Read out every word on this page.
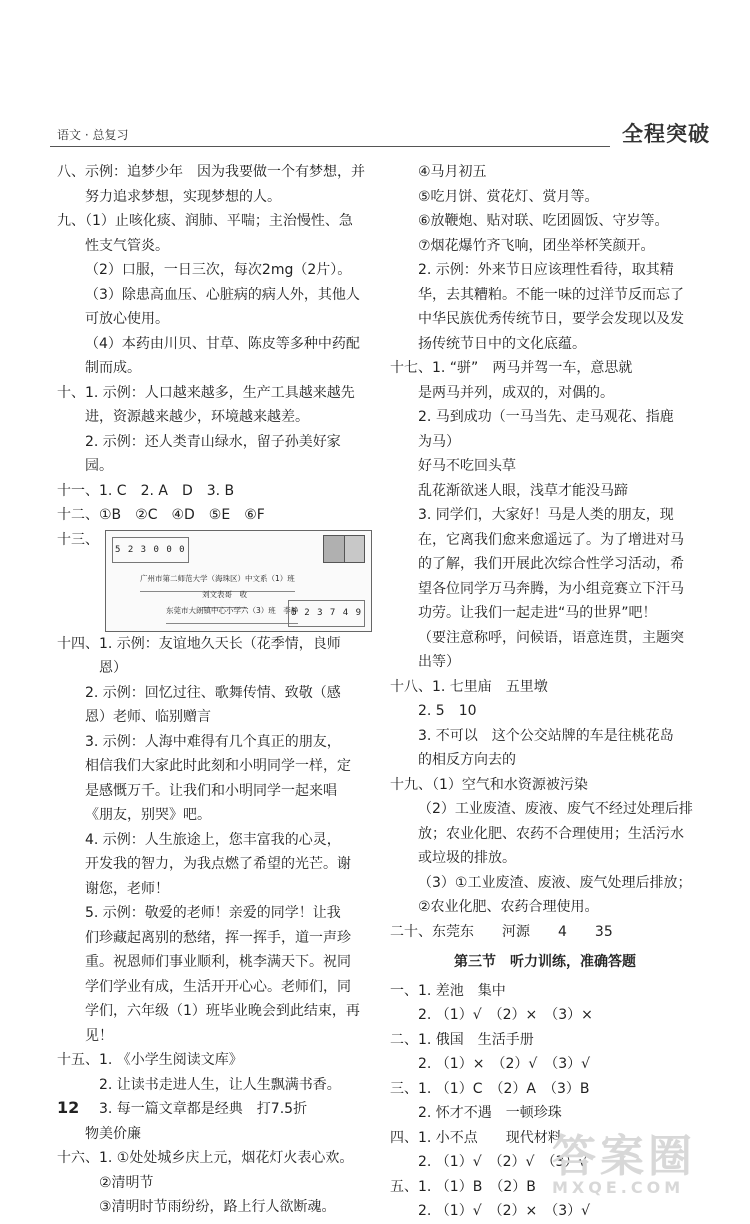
语文 · 总复习	全程突破
八、示例：追梦少年　因为我要做一个有梦想，并
努力追求梦想，实现梦想的人。
九、（1）止咳化痰、润肺、平喘；主治慢性、急
性支气管炎。
（2）口服，一日三次，每次2mg（2片）。
（3）除患高血压、心脏病的病人外，其他人
可放心使用。
（4）本药由川贝、甘草、陈皮等多种中药配
制而成。
十、1. 示例：人口越来越多，生产工具越来越先
进，资源越来越少，环境越来越差。
2. 示例：还人类青山绿水，留子孙美好家
园。
十一、1. C　2. A　D　3. B
十二、①B　②C　④D　⑤E　⑥F
十三、
5 2 3 0 0 0
广州市第二师范大学（海珠区）中文系（1）班
刘文表哥　收
东莞市大朗镇中心小学六（3）班　李静
5 2 3 7 4 9
十四、1. 示例：友谊地久天长（花季情，良师
恩）
2. 示例：回忆过往、歌舞传情、致敬（感
恩）老师、临别赠言
3. 示例：人海中难得有几个真正的朋友，
相信我们大家此时此刻和小明同学一样，定
是感慨万千。让我们和小明同学一起来唱
《朋友，别哭》吧。
4. 示例：人生旅途上，您丰富我的心灵，
开发我的智力，为我点燃了希望的光芒。谢
谢您，老师！
5. 示例：敬爱的老师！亲爱的同学！让我
们珍藏起离别的愁绪，挥一挥手，道一声珍
重。祝恩师们事业顺利，桃李满天下。祝同
学们学业有成，生活开开心心。老师们，同
学们，六年级（1）班毕业晚会到此结束，再
见！
十五、1. 《小学生阅读文库》
2. 让读书走进人生，让人生飘满书香。
3. 每一篇文章都是经典　打7.5折
物美价廉
十六、1. ①处处城乡庆上元，烟花灯火表心欢。
②清明节
③清明时节雨纷纷，路上行人欲断魂。
④马月初五
⑤吃月饼、赏花灯、赏月等。
⑥放鞭炮、贴对联、吃团圆饭、守岁等。
⑦烟花爆竹齐飞响，团坐举杯笑颜开。
2. 示例：外来节日应该理性看待，取其精
华，去其糟粕。不能一味的过洋节反而忘了
中华民族优秀传统节日，要学会发现以及发
扬传统节日中的文化底蕴。
十七、1. “骈”　两马并驾一车，意思就
是两马并列，成双的，对偶的。
2. 马到成功（一马当先、走马观花、指鹿
为马）
好马不吃回头草
乱花渐欲迷人眼，浅草才能没马蹄
3. 同学们，大家好！马是人类的朋友，现
在，它离我们愈来愈遥远了。为了增进对马
的了解，我们开展此次综合性学习活动，希
望各位同学万马奔腾，为小组竞赛立下汗马
功劳。让我们一起走进“马的世界”吧！
（要注意称呼，问候语，语意连贯，主题突
出等）
十八、1. 七里庙　五里墩
2. 5　10
3. 不可以　这个公交站牌的车是往桃花岛
的相反方向去的
十九、（1）空气和水资源被污染
（2）工业废渣、废液、废气不经过处理后排
放；农业化肥、农药不合理使用；生活污水
或垃圾的排放。
（3）①工业废渣、废液、废气处理后排放；
②农业化肥、农药合理使用。
二十、东莞东　　河源　　4　　35
第三节　听力训练，准确答题
一、1. 差池　集中
2. （1）√　（2）×　（3）×
二、1. 俄国　生活手册
2. （1）×　（2）√　（3）√
三、1. （1）C　（2）A　（3）B
2. 怀才不遇　一顿珍珠
四、1. 小不点　　现代材料
2. （1）√　（2）√　（3）√
五、1. （1）B　（2）B
2. （1）√　（2）×　（3）√
12
答案圈
MXQE.COM
